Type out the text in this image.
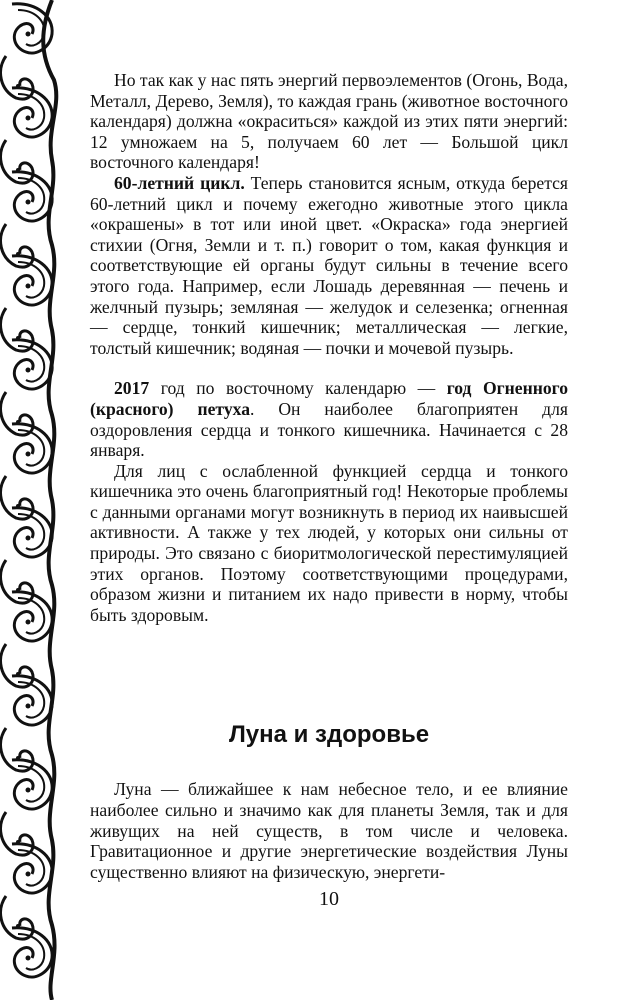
Но так как у нас пять энергий первоэлементов (Огонь, Вода, Металл, Дерево, Земля), то каждая грань (животное восточного календаря) должна «окраситься» каждой из этих пяти энергий: 12 умножаем на 5, получаем 60 лет — Большой цикл восточного календаря!

60-летний цикл. Теперь становится ясным, откуда берется 60-летний цикл и почему ежегодно животные этого цикла «окрашены» в тот или иной цвет. «Окраска» года энергией стихии (Огня, Земли и т. п.) говорит о том, какая функция и соответствующие ей органы будут сильны в течение всего этого года. Например, если Лошадь деревянная — печень и желчный пузырь; земляная — желудок и селезенка; огненная — сердце, тонкий кишечник; металлическая — легкие, толстый кишечник; водяная — почки и мочевой пузырь.

2017 год по восточному календарю — год Огненного (красного) петуха. Он наиболее благоприятен для оздоровления сердца и тонкого кишечника. Начинается с 28 января.

Для лиц с ослабленной функцией сердца и тонкого кишечника это очень благоприятный год! Некоторые проблемы с данными органами могут возникнуть в период их наивысшей активности. А также у тех людей, у которых они сильны от природы. Это связано с биоритмологической перестимуляцией этих органов. Поэтому соответствующими процедурами, образом жизни и питанием их надо привести в норму, чтобы быть здоровым.

Луна и здоровье

Луна — ближайшее к нам небесное тело, и ее влияние наиболее сильно и значимо как для планеты Земля, так и для живущих на ней существ, в том числе и человека. Гравитационное и другие энергетические воздействия Луны существенно влияют на физическую, энергети-

10
